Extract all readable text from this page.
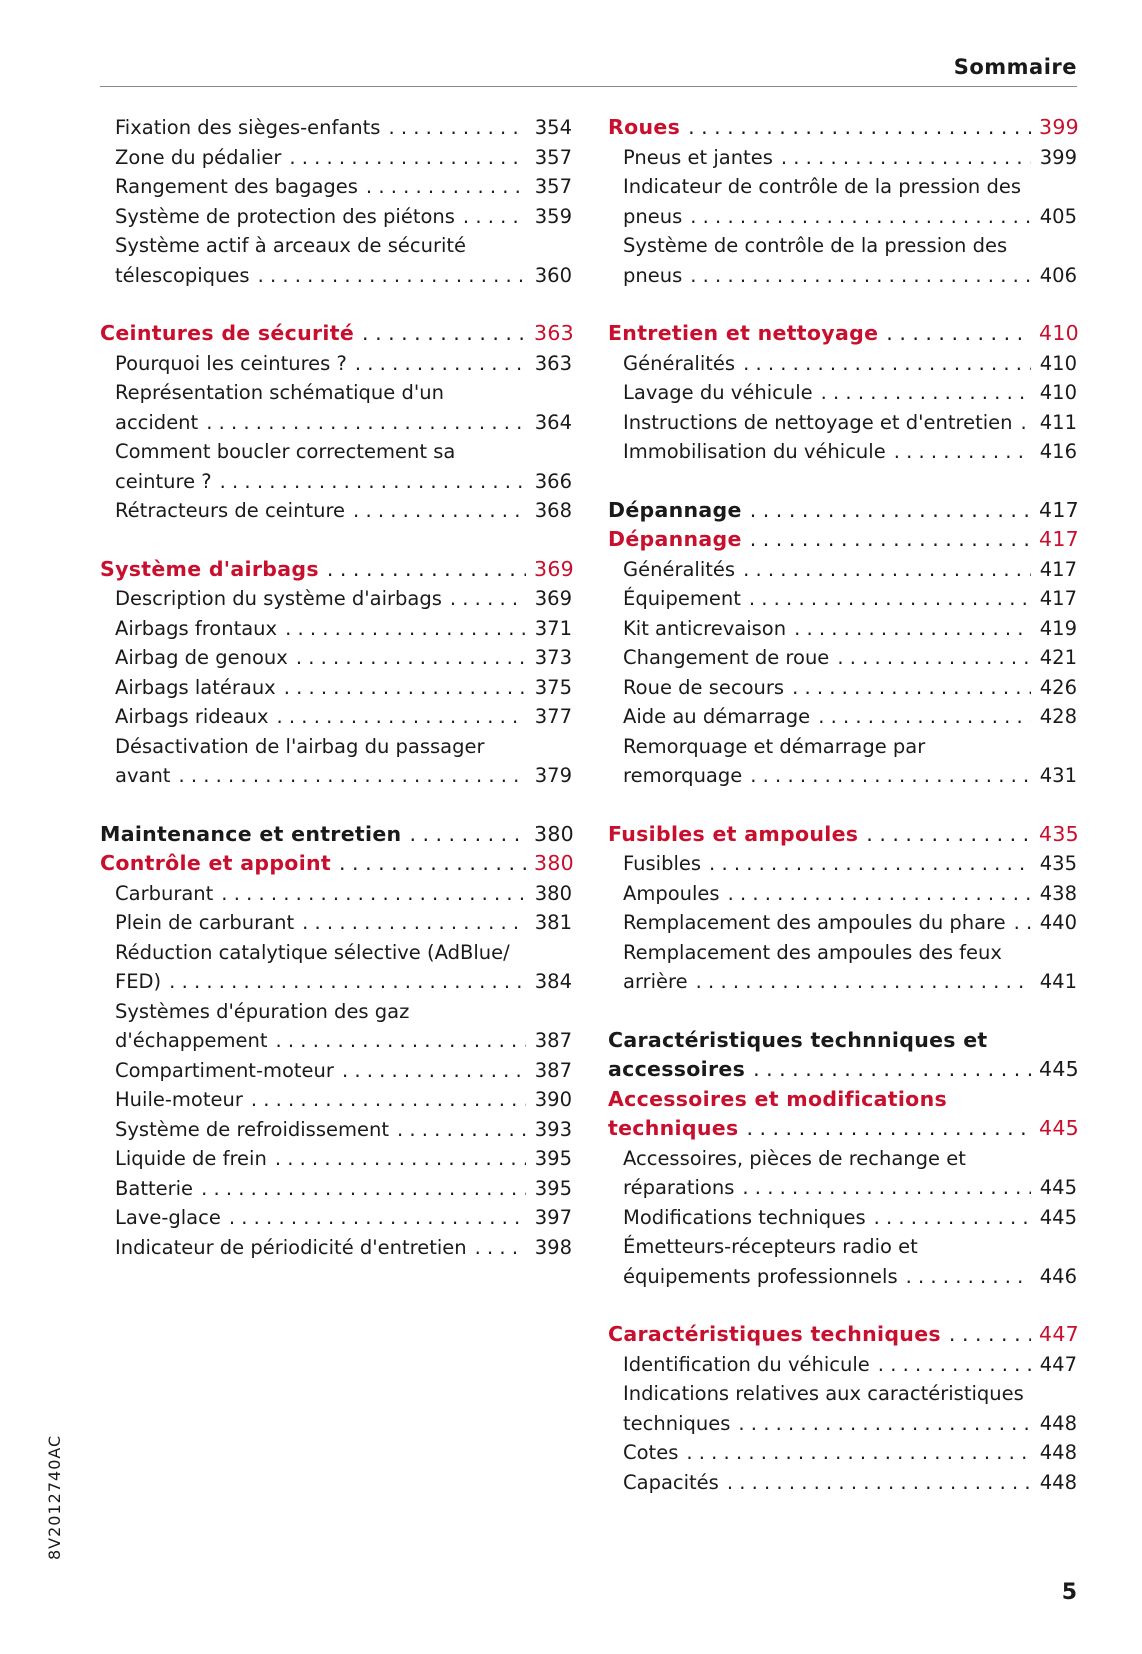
Sommaire
Fixation des sièges-enfants . . .	354
Zone du pédalier . . .	357
Rangement des bagages . . .	357
Système de protection des piétons . . .	359
Système actif à arceaux de sécurité
télescopiques . . .	360
Ceintures de sécurité . . .	363
Pourquoi les ceintures ? . . .	363
Représentation schématique d'un
accident . . .	364
Comment boucler correctement sa
ceinture ? . . .	366
Rétracteurs de ceinture . . .	368
Système d'airbags . . .	369
Description du système d'airbags . . .	369
Airbags frontaux . . .	371
Airbag de genoux . . .	373
Airbags latéraux . . .	375
Airbags rideaux . . .	377
Désactivation de l'airbag du passager
avant . . .	379
Maintenance et entretien . . .	380
Contrôle et appoint . . .	380
Carburant . . .	380
Plein de carburant . . .	381
Réduction catalytique sélective (AdBlue/
FED) . . .	384
Systèmes d'épuration des gaz
d'échappement . . .	387
Compartiment-moteur . . .	387
Huile-moteur . . .	390
Système de refroidissement . . .	393
Liquide de frein . . .	395
Batterie . . .	395
Lave-glace . . .	397
Indicateur de périodicité d'entretien . . .	398
Roues . . .	399
Pneus et jantes . . .	399
Indicateur de contrôle de la pression des
pneus . . .	405
Système de contrôle de la pression des
pneus . . .	406
Entretien et nettoyage . . .	410
Généralités . . .	410
Lavage du véhicule . . .	410
Instructions de nettoyage et d'entretien . . . 411
Immobilisation du véhicule . . .	416
Dépannage . . .	417
Dépannage . . .	417
Généralités . . .	417
Équipement . . .	417
Kit anticrevaison . . .	419
Changement de roue . . .	421
Roue de secours . . .	426
Aide au démarrage . . .	428
Remorquage et démarrage par
remorquage . . .	431
Fusibles et ampoules . . .	435
Fusibles . . .	435
Ampoules . . .	438
Remplacement des ampoules du phare . . . 440
Remplacement des ampoules des feux
arrière . . .	441
Caractéristiques technniques et
accessoires . . .	445
Accessoires et modifications
techniques . . .	445
Accessoires, pièces de rechange et
réparations . . .	445
Modifications techniques . . .	445
Émetteurs-récepteurs radio et
équipements professionnels . . .	446
Caractéristiques techniques . . .	447
Identification du véhicule . . .	447
Indications relatives aux caractéristiques
techniques . . .	448
Cotes . . .	448
Capacités . . .	448
8V2012740AC
5
